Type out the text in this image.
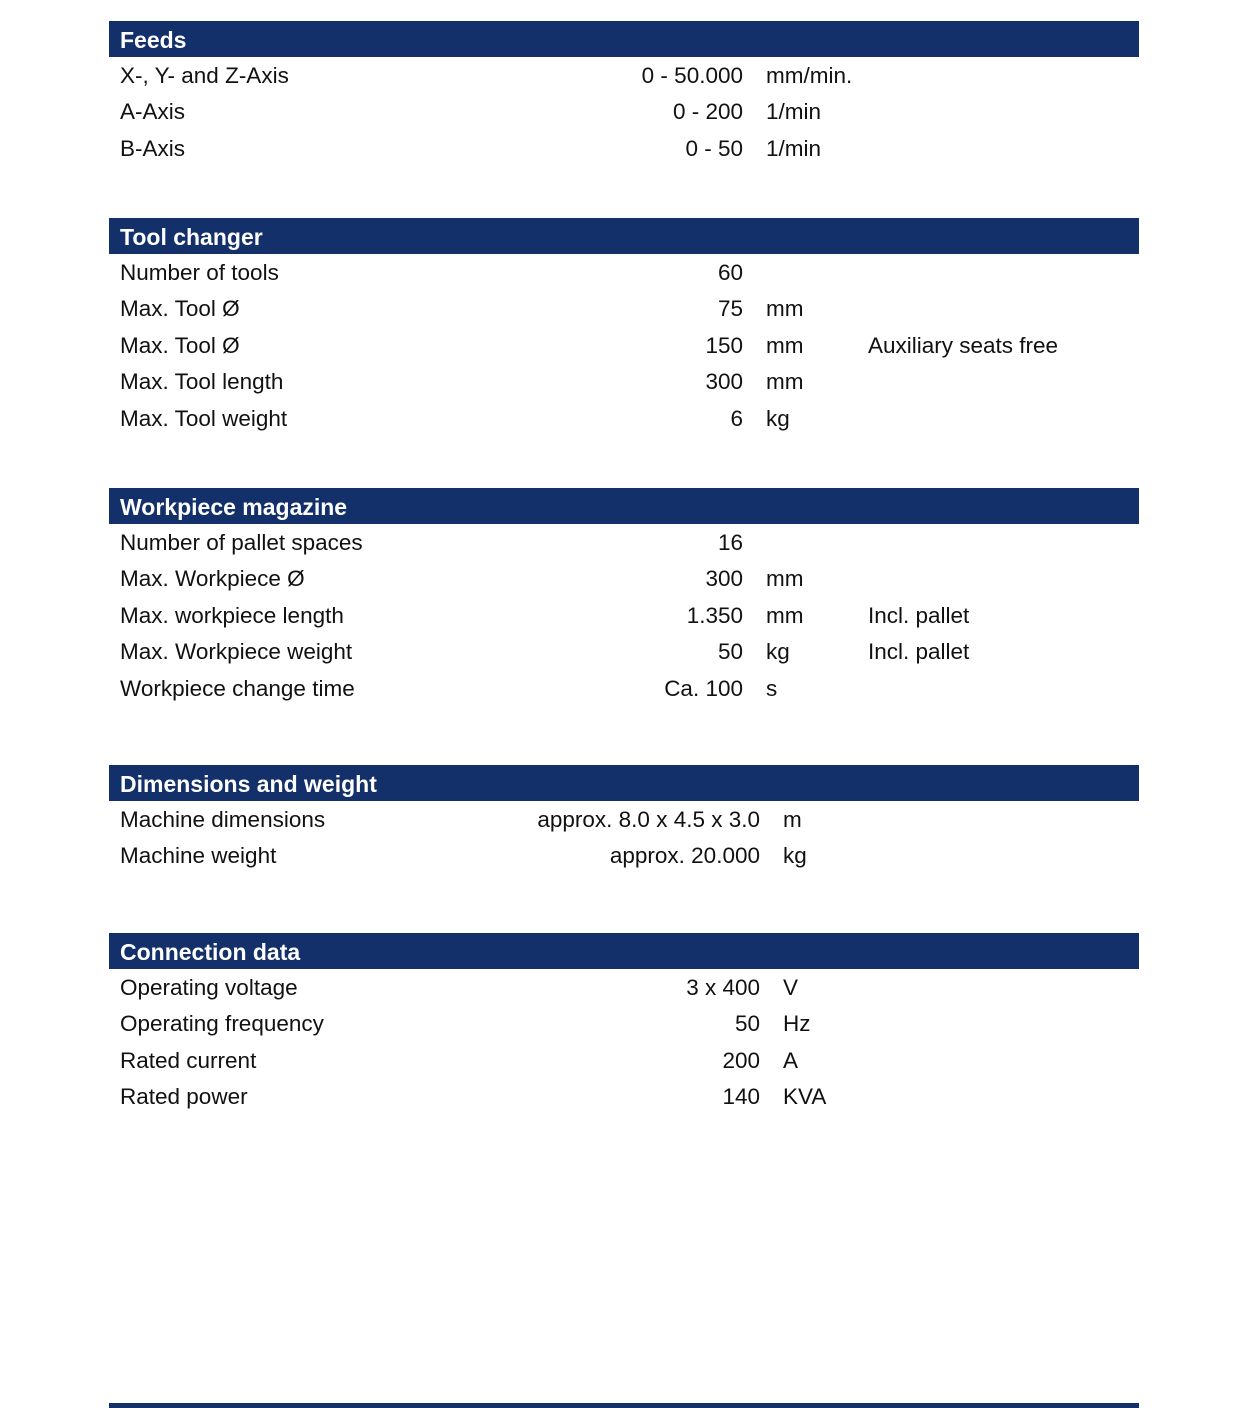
Feeds
X-, Y- and Z-Axis	0 - 50.000 mm/min.
A-Axis	0 - 200 1/min
B-Axis	0 - 50 1/min
Tool changer
Number of tools	60
Max. Tool Ø	75 mm
Max. Tool Ø	150 mm	Auxiliary seats free
Max. Tool length	300 mm
Max. Tool weight	6 kg
Workpiece magazine
Number of pallet spaces	16
Max. Workpiece Ø	300 mm
Max. workpiece length	1.350 mm	Incl. pallet
Max. Workpiece weight	50 kg	Incl. pallet
Workpiece change time	Ca. 100 s
Dimensions and weight
Machine dimensions	approx. 8.0 x 4.5 x 3.0 m
Machine weight	approx. 20.000 kg
Connection data
Operating voltage	3 x 400 V
Operating frequency	50 Hz
Rated current	200 A
Rated power	140 KVA
